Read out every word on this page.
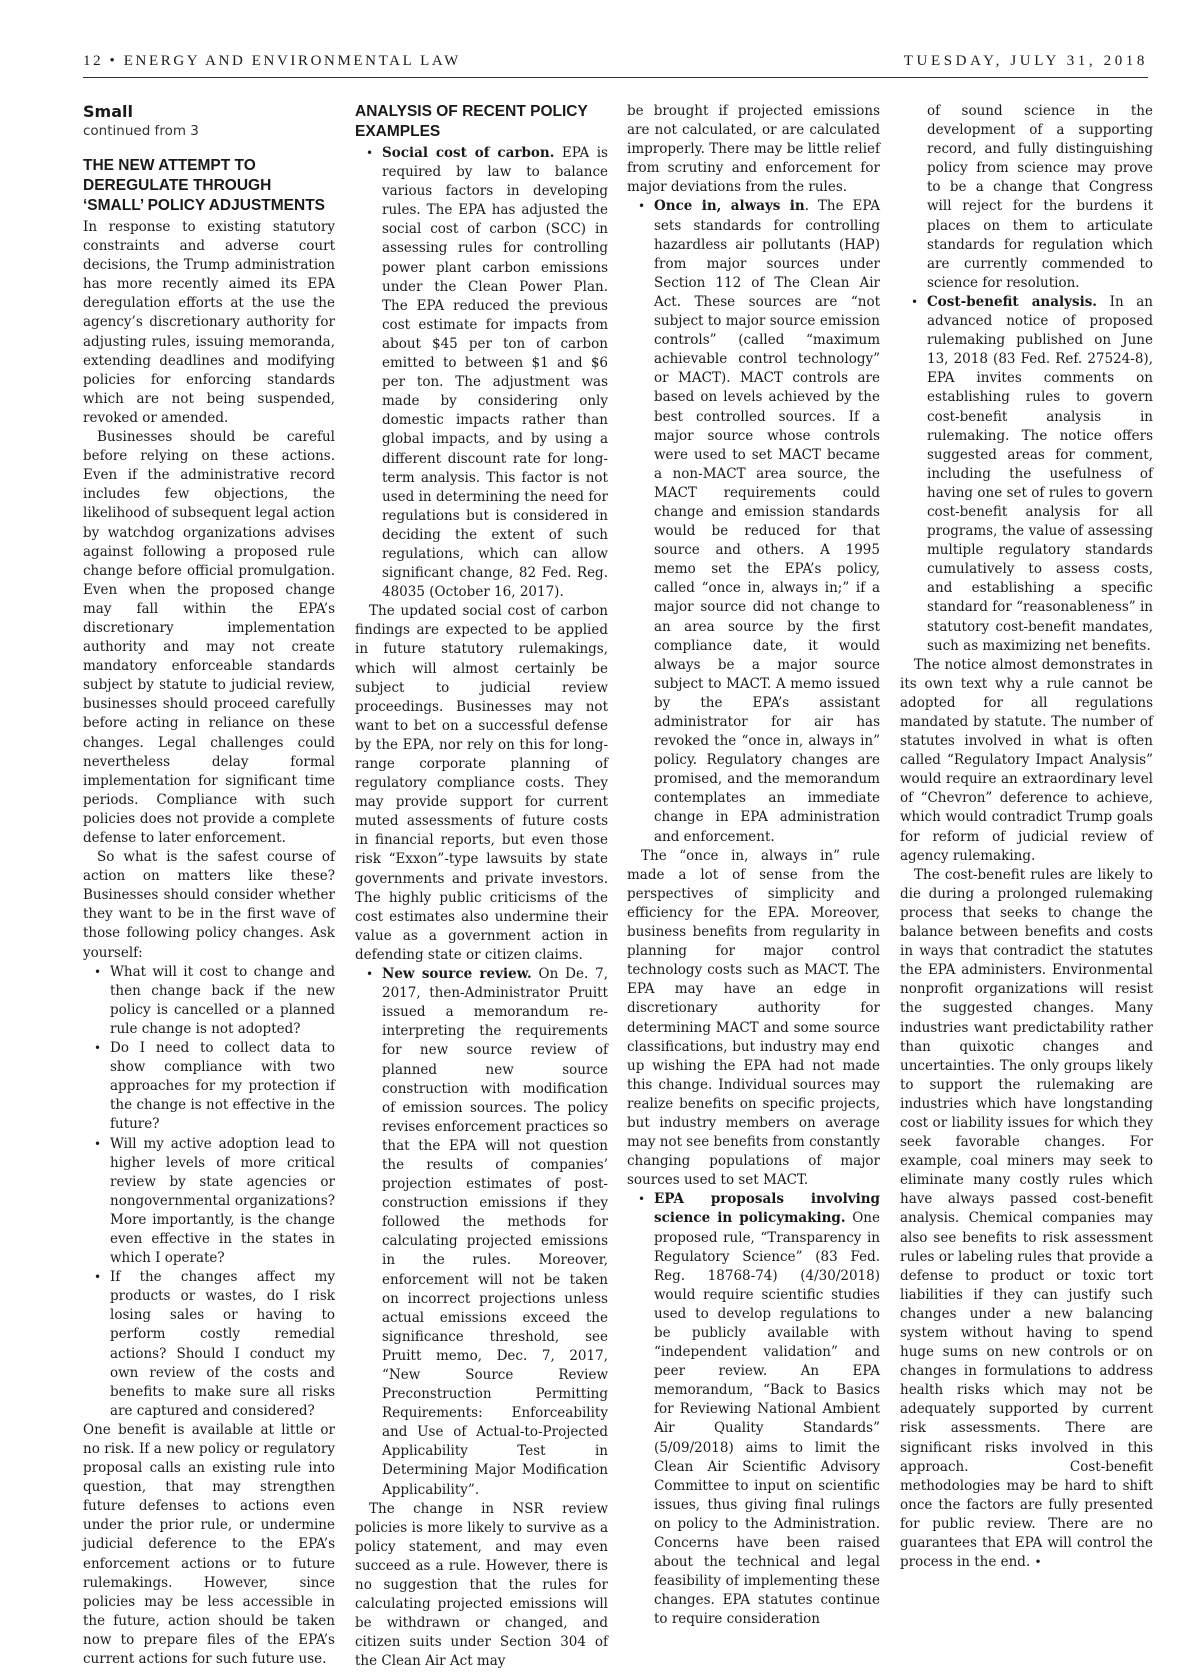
12 • ENERGY AND ENVIRONMENTAL LAW	TUESDAY, JULY 31, 2018
Small
continued from 3
THE NEW ATTEMPT TO DEREGULATE THROUGH ‘SMALL’ POLICY ADJUSTMENTS

In response to existing statutory constraints and adverse court decisions, the Trump administration has more recently aimed its EPA deregulation efforts at the use the agency’s discretionary authority for adjusting rules, issuing memoranda, extending deadlines and modifying policies for enforcing standards which are not being suspended, revoked or amended.

Businesses should be careful before relying on these actions. Even if the administrative record includes few objections, the likelihood of subsequent legal action by watchdog organizations advises against following a proposed rule change before official promulgation. Even when the proposed change may fall within the EPA’s discretionary implementation authority and may not create mandatory enforceable standards subject by statute to judicial review, businesses should proceed carefully before acting in reliance on these changes. Legal challenges could nevertheless delay formal implementation for significant time periods. Compliance with such policies does not provide a complete defense to later enforcement.

So what is the safest course of action on matters like these? Businesses should consider whether they want to be in the first wave of those following policy changes. Ask yourself:

• What will it cost to change and then change back if the new policy is cancelled or a planned rule change is not adopted?
• Do I need to collect data to show compliance with two approaches for my protection if the change is not effective in the future?
• Will my active adoption lead to higher levels of more critical review by state agencies or nongovernmental organizations? More importantly, is the change even effective in the states in which I operate?
• If the changes affect my products or wastes, do I risk losing sales or having to perform costly remedial actions? Should I conduct my own review of the costs and benefits to make sure all risks are captured and considered?

One benefit is available at little or no risk. If a new policy or regulatory proposal calls an existing rule into question, that may strengthen future defenses to actions even under the prior rule, or undermine judicial deference to the EPA’s enforcement actions or to future rulemakings. However, since policies may be less accessible in the future, action should be taken now to prepare files of the EPA’s current actions for such future use.

ANALYSIS OF RECENT POLICY EXAMPLES
• Social cost of carbon. EPA is required by law to balance various factors in developing rules. The EPA has adjusted the social cost of carbon (SCC) in assessing rules for controlling power plant carbon emissions under the Clean Power Plan. The EPA reduced the previous cost estimate for impacts from about $45 per ton of carbon emitted to between $1 and $6 per ton. The adjustment was made by considering only domestic impacts rather than global impacts, and by using a different discount rate for long-term analysis. This factor is not used in determining the need for regulations but is considered in deciding the extent of such regulations, which can allow significant change, 82 Fed. Reg. 48035 (October 16, 2017).

The updated social cost of carbon findings are expected to be applied in future statutory rulemakings, which will almost certainly be subject to judicial review proceedings. Businesses may not want to bet on a successful defense by the EPA, nor rely on this for long-range corporate planning of regulatory compliance costs. They may provide support for current muted assessments of future costs in financial reports, but even those risk “Exxon”-type lawsuits by state governments and private investors. The highly public criticisms of the cost estimates also undermine their value as a government action in defending state or citizen claims.

• New source review. On De. 7, 2017, then-Administrator Pruitt issued a memorandum re-interpreting the requirements for new source review of planned new source construction with modification of emission sources. The policy revises enforcement practices so that the EPA will not question the results of companies’ projection estimates of post-construction emissions if they followed the methods for calculating projected emissions in the rules. Moreover, enforcement will not be taken on incorrect projections unless actual emissions exceed the significance threshold, see Pruitt memo, Dec. 7, 2017, “New Source Review Preconstruction Permitting Requirements: Enforceability and Use of Actual-to-Projected Applicability Test in Determining Major Modification Applicability”.

The change in NSR review policies is more likely to survive as a policy statement, and may even succeed as a rule. However, there is no suggestion that the rules for calculating projected emissions will be withdrawn or changed, and citizen suits under Section 304 of the Clean Air Act may

be brought if projected emissions are not calculated, or are calculated improperly. There may be little relief from scrutiny and enforcement for major deviations from the rules.

• Once in, always in. The EPA sets standards for controlling hazardless air pollutants (HAP) from major sources under Section 112 of The Clean Air Act. These sources are “not subject to major source emission controls” (called “maximum achievable control technology” or MACT). MACT controls are based on levels achieved by the best controlled sources. If a major source whose controls were used to set MACT became a non-MACT area source, the MACT requirements could change and emission standards would be reduced for that source and others. A 1995 memo set the EPA’s policy, called “once in, always in;” if a major source did not change to an area source by the first compliance date, it would always be a major source subject to MACT. A memo issued by the EPA’s assistant administrator for air has revoked the “once in, always in” policy. Regulatory changes are promised, and the memorandum contemplates an immediate change in EPA administration and enforcement.

The “once in, always in” rule made a lot of sense from the perspectives of simplicity and efficiency for the EPA. Moreover, business benefits from regularity in planning for major control technology costs such as MACT. The EPA may have an edge in discretionary authority for determining MACT and some source classifications, but industry may end up wishing the EPA had not made this change. Individual sources may realize benefits on specific projects, but industry members on average may not see benefits from constantly changing populations of major sources used to set MACT.

• EPA proposals involving science in policymaking. One proposed rule, “Transparency in Regulatory Science” (83 Fed. Reg. 18768-74) (4/30/2018) would require scientific studies used to develop regulations to be publicly available with “independent validation” and peer review. An EPA memorandum, “Back to Basics for Reviewing National Ambient Air Quality Standards” (5/09/2018) aims to limit the Clean Air Scientific Advisory Committee to input on scientific issues, thus giving final rulings on policy to the Administration. Concerns have been raised about the technical and legal feasibility of implementing these changes. EPA statutes continue to require consideration
of sound science in the development of a supporting record, and fully distinguishing policy from science may prove to be a change that Congress will reject for the burdens it places on them to articulate standards for regulation which are currently commended to science for resolution.
• Cost-benefit analysis. In an advanced notice of proposed rulemaking published on June 13, 2018 (83 Fed. Ref. 27524-8), EPA invites comments on establishing rules to govern cost-benefit analysis in rulemaking. The notice offers suggested areas for comment, including the usefulness of having one set of rules to govern cost-benefit analysis for all programs, the value of assessing multiple regulatory standards cumulatively to assess costs, and establishing a specific standard for “reasonableness” in statutory cost-benefit mandates, such as maximizing net benefits.

The notice almost demonstrates in its own text why a rule cannot be adopted for all regulations mandated by statute. The number of statutes involved in what is often called “Regulatory Impact Analysis” would require an extraordinary level of “Chevron” deference to achieve, which would contradict Trump goals for reform of judicial review of agency rulemaking.

The cost-benefit rules are likely to die during a prolonged rulemaking process that seeks to change the balance between benefits and costs in ways that contradict the statutes the EPA administers. Environmental nonprofit organizations will resist the suggested changes. Many industries want predictability rather than quixotic changes and uncertainties. The only groups likely to support the rulemaking are industries which have longstanding cost or liability issues for which they seek favorable changes. For example, coal miners may seek to eliminate many costly rules which have always passed cost-benefit analysis. Chemical companies may also see benefits to risk assessment rules or labeling rules that provide a defense to product or toxic tort liabilities if they can justify such changes under a new balancing system without having to spend huge sums on new controls or on changes in formulations to address health risks which may not be adequately supported by current risk assessments. There are significant risks involved in this approach. Cost-benefit methodologies may be hard to shift once the factors are fully presented for public review. There are no guarantees that EPA will control the process in the end. •
